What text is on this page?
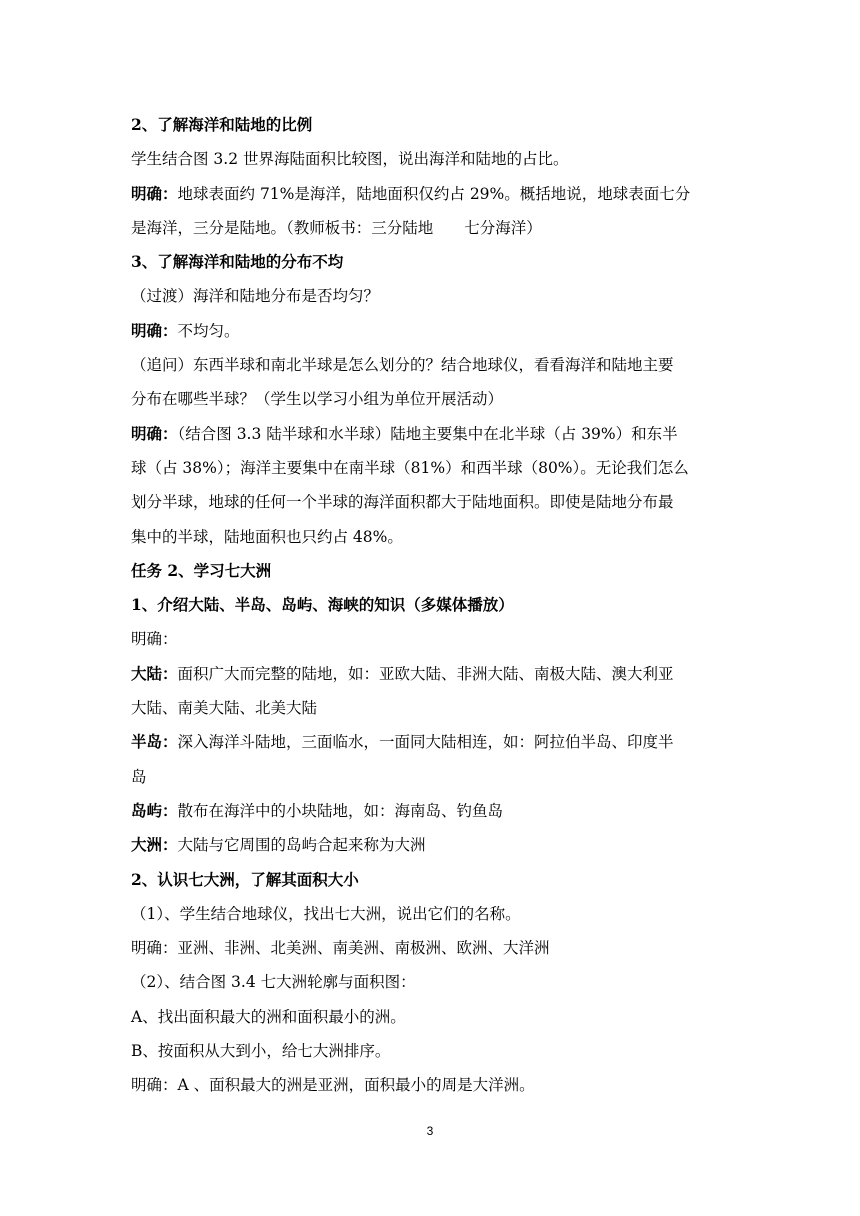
2、了解海洋和陆地的比例
学生结合图 3.2 世界海陆面积比较图，说出海洋和陆地的占比。
明确：地球表面约 71%是海洋，陆地面积仅约占 29%。概括地说，地球表面七分
是海洋，三分是陆地。（教师板书：三分陆地　　七分海洋）
3、了解海洋和陆地的分布不均
（过渡）海洋和陆地分布是否均匀？
明确：不均匀。
（追问）东西半球和南北半球是怎么划分的？结合地球仪，看看海洋和陆地主要
分布在哪些半球？（学生以学习小组为单位开展活动）
明确：（结合图 3.3 陆半球和水半球）陆地主要集中在北半球（占 39%）和东半
球（占 38%）；海洋主要集中在南半球（81%）和西半球（80%）。无论我们怎么
划分半球，地球的任何一个半球的海洋面积都大于陆地面积。即使是陆地分布最
集中的半球，陆地面积也只约占 48%。
任务 2、学习七大洲
1、介绍大陆、半岛、岛屿、海峡的知识（多媒体播放）
明确：
大陆：面积广大而完整的陆地，如：亚欧大陆、非洲大陆、南极大陆、澳大利亚
大陆、南美大陆、北美大陆
半岛：深入海洋斗陆地，三面临水，一面同大陆相连，如：阿拉伯半岛、印度半
岛
岛屿：散布在海洋中的小块陆地，如：海南岛、钓鱼岛
大洲：大陆与它周围的岛屿合起来称为大洲
2、认识七大洲，了解其面积大小
（1）、学生结合地球仪，找出七大洲，说出它们的名称。
明确：亚洲、非洲、北美洲、南美洲、南极洲、欧洲、大洋洲
（2）、结合图 3.4 七大洲轮廓与面积图：
A、找出面积最大的洲和面积最小的洲。
B、按面积从大到小，给七大洲排序。
明确：A 、面积最大的洲是亚洲，面积最小的周是大洋洲。
3
